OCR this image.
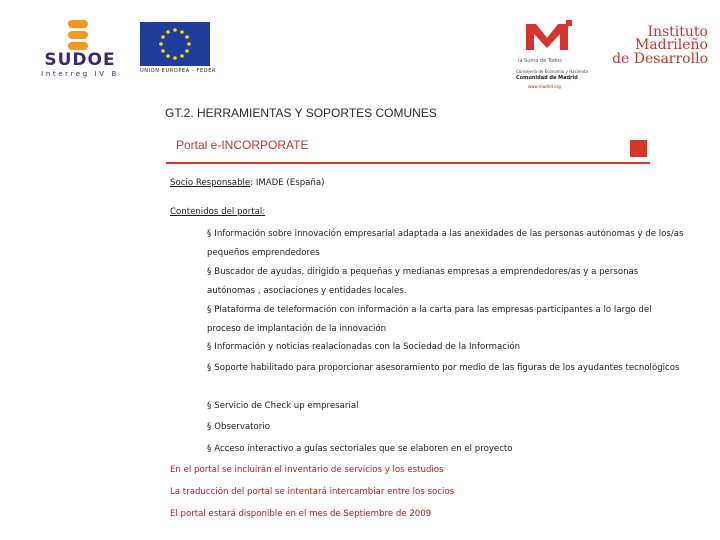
SUDOE
Interreg IV B	UNION EUROPEA - FEDER
la Suma de Todos
Consejería de Economía y Hacienda
Comunidad de Madrid
www.madrid.org
Instituto
Madrileño
de Desarrollo
GT.2. HERRAMIENTAS Y SOPORTES COMUNES
Portal e-INCORPORATE
Socio Responsable: IMADE (España)
Contenidos del portal:
§ Información sobre innovación empresarial adaptada a las anexidades de las personas autónomas y de los/as pequeños emprendedores
§ Buscador de ayudas, dirigido a pequeñas y medianas empresas a emprendedores/as y a personas autónomas , asociaciones y entidades locales.
§ Plataforma de teleformación con información a la carta para las empresas participantes a lo largo del proceso de implantación de la innovación
§ Información y noticias realacionadas con la Sociedad de la Información
§ Soporte habilitado para proporcionar asesoramiento por medio de las figuras de los ayudantes tecnológicos
§ Servicio de Check up empresarial
§ Observatorio
§ Acceso interactivo a guías sectoriales que se elaboren en el proyecto
En el portal se incluirán el inventario de servicios y los estudios
La traducción del portal se intentará intercambiar entre los socios
El portal estará disponible en el mes de Septiembre de 2009
